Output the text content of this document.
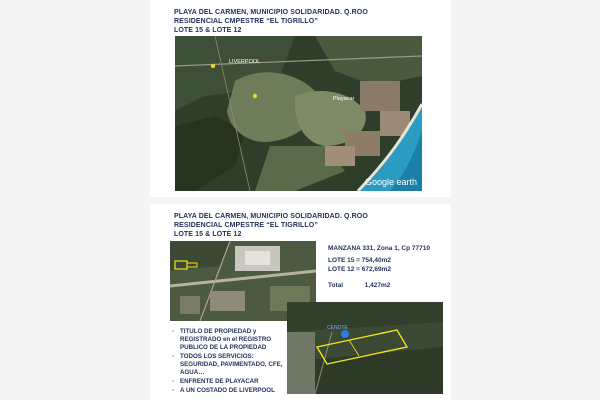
PLAYA DEL CARMEN, MUNICIPIO SOLIDARIDAD. Q.ROO
RESIDENCIAL CMPESTRE “EL TIGRILLO”
LOTE 15 & LOTE 12
LIVERPOOL
Playacar
Google earth
PLAYA DEL CARMEN, MUNICIPIO SOLIDARIDAD. Q.ROO
RESIDENCIAL CMPESTRE “EL TIGRILLO”
LOTE 15 & LOTE 12
MANZANA 331, Zona 1, Cp 77710
LOTE 15 = 754,40m2
LOTE 12 = 672,69m2
Total	1,427m2
- TITULO DE PROPIEDAD y REGISTRADO en el REGISTRO PUBLICO DE LA PROPIEDAD
- TODOS LOS SERVICIOS: SEGURIDAD, PAVIMENTADO, CFE, AGUA…
- ENFRENTE DE PLAYACAR
- A UN COSTADO DE LIVERPOOL
CENOTE
